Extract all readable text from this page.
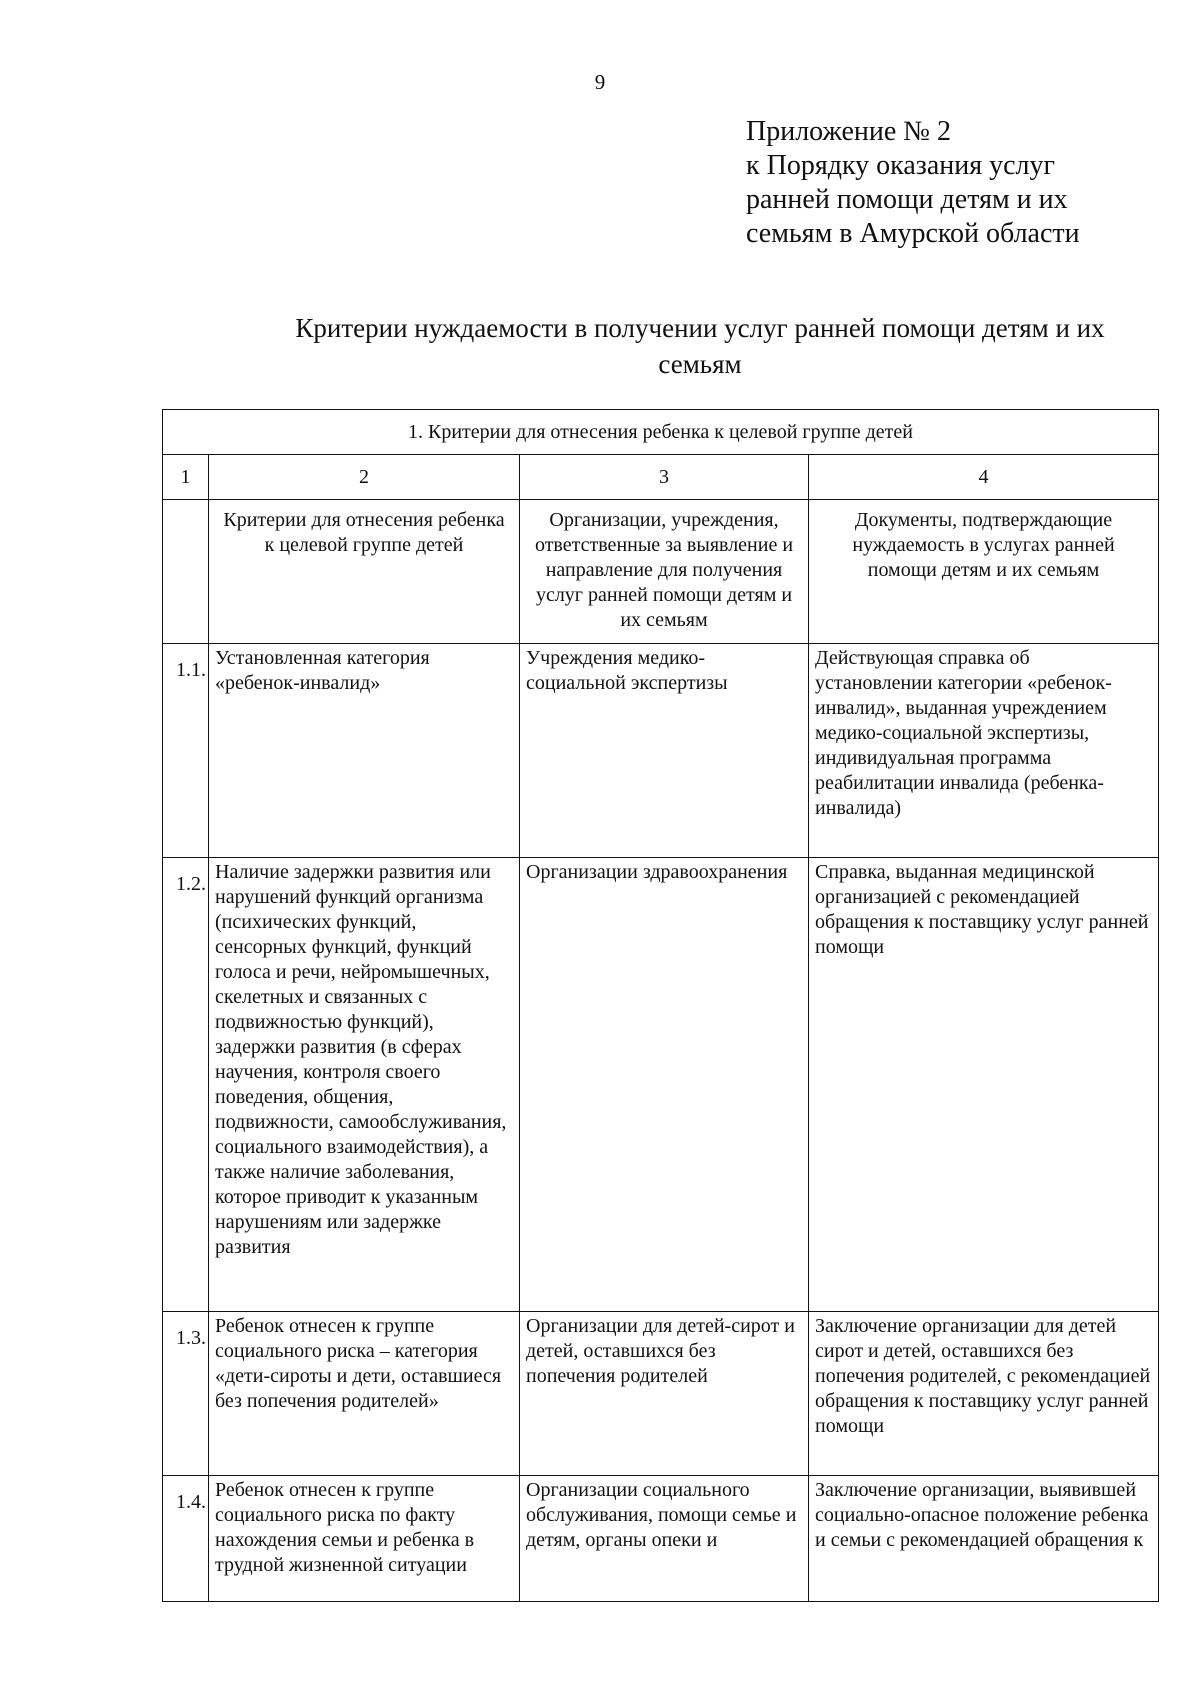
9
Приложение № 2
к Порядку оказания услуг
ранней помощи детям и их
семьям в Амурской области
Критерии нуждаемости в получении услуг ранней помощи детям и их
семьям
1. Критерии для отнесения ребенка к целевой группе детей			
1	2	3	4
	Критерии для отнесения ребенка к целевой группе детей	Организации, учреждения, ответственные за выявление и направление для получения услуг ранней помощи детям и их семьям	Документы, подтверждающие нуждаемость в услугах ранней помощи детям и их семьям
1.1.	Установленная категория «ребенок-инвалид»	Учреждения медико-социальной экспертизы	Действующая справка об установлении категории «ребенок-инвалид», выданная учреждением медико-социальной экспертизы, индивидуальная программа реабилитации инвалида (ребенка-инвалида)
1.2.	Наличие задержки развития или нарушений функций организма (психических функций, сенсорных функций, функций голоса и речи, нейромышечных, скелетных и связанных с подвижностью функций), задержки развития (в сферах научения, контроля своего поведения, общения, подвижности, самообслуживания, социального взаимодействия), а также наличие заболевания, которое приводит к указанным нарушениям или задержке развития	Организации здравоохранения	Справка, выданная медицинской организацией с рекомендацией обращения к поставщику услуг ранней помощи
1.3.	Ребенок отнесен к группе социального риска – категория «дети-сироты и дети, оставшиеся без попечения родителей»	Организации для детей-сирот и детей, оставшихся без попечения родителей	Заключение организации для детей сирот и детей, оставшихся без попечения родителей, с рекомендацией обращения к поставщику услуг ранней помощи
1.4.	Ребенок отнесен к группе социального риска по факту нахождения семьи и ребенка в трудной жизненной ситуации	Организации социального обслуживания, помощи семье и детям, органы опеки и	Заключение организации, выявившей социально-опасное положение ребенка и семьи с рекомендацией обращения к
